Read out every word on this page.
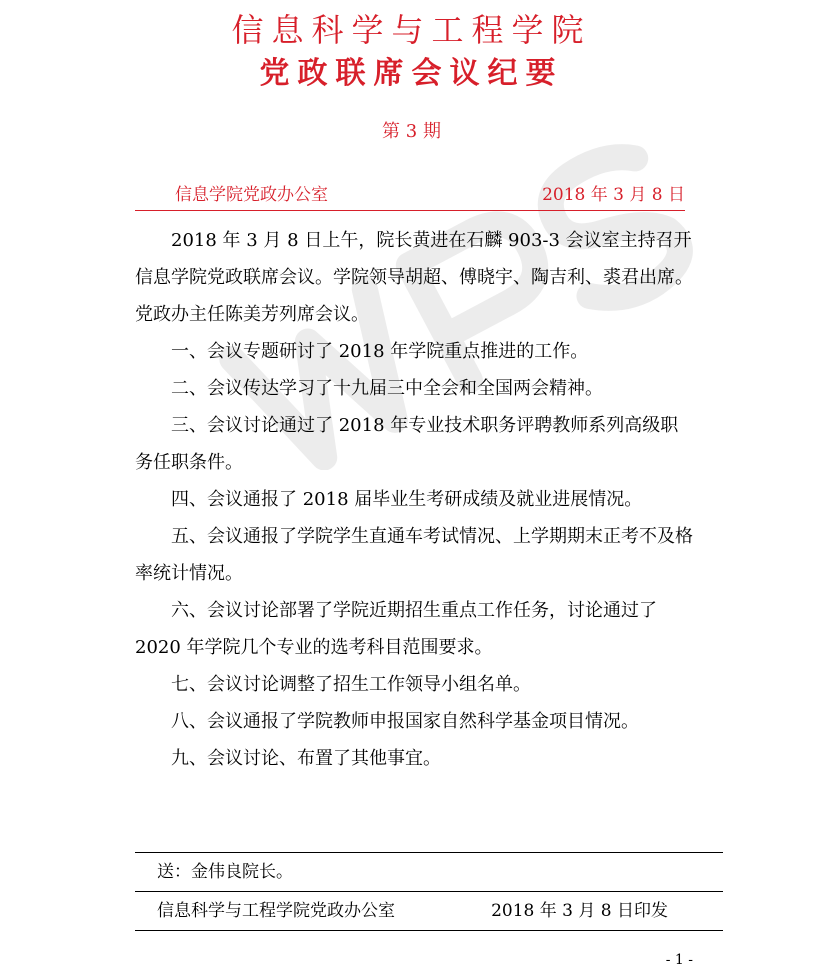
信息科学与工程学院
党政联席会议纪要
第 3 期
信息学院党政办公室	2018 年 3 月 8 日

2018 年 3 月 8 日上午，院长黄进在石麟 903-3 会议室主持召开信息学院党政联席会议。学院领导胡超、傅晓宇、陶吉利、裘君出席。党政办主任陈美芳列席会议。

一、会议专题研讨了 2018 年学院重点推进的工作。

二、会议传达学习了十九届三中全会和全国两会精神。

三、会议讨论通过了 2018 年专业技术职务评聘教师系列高级职务任职条件。

四、会议通报了 2018 届毕业生考研成绩及就业进展情况。

五、会议通报了学院学生直通车考试情况、上学期期末正考不及格率统计情况。

六、会议讨论部署了学院近期招生重点工作任务，讨论通过了 2020 年学院几个专业的选考科目范围要求。

七、会议讨论调整了招生工作领导小组名单。

八、会议通报了学院教师申报国家自然科学基金项目情况。

九、会议讨论、布置了其他事宜。

送：金伟良院长。
信息科学与工程学院党政办公室	2018 年 3 月 8 日印发
- 1 -
